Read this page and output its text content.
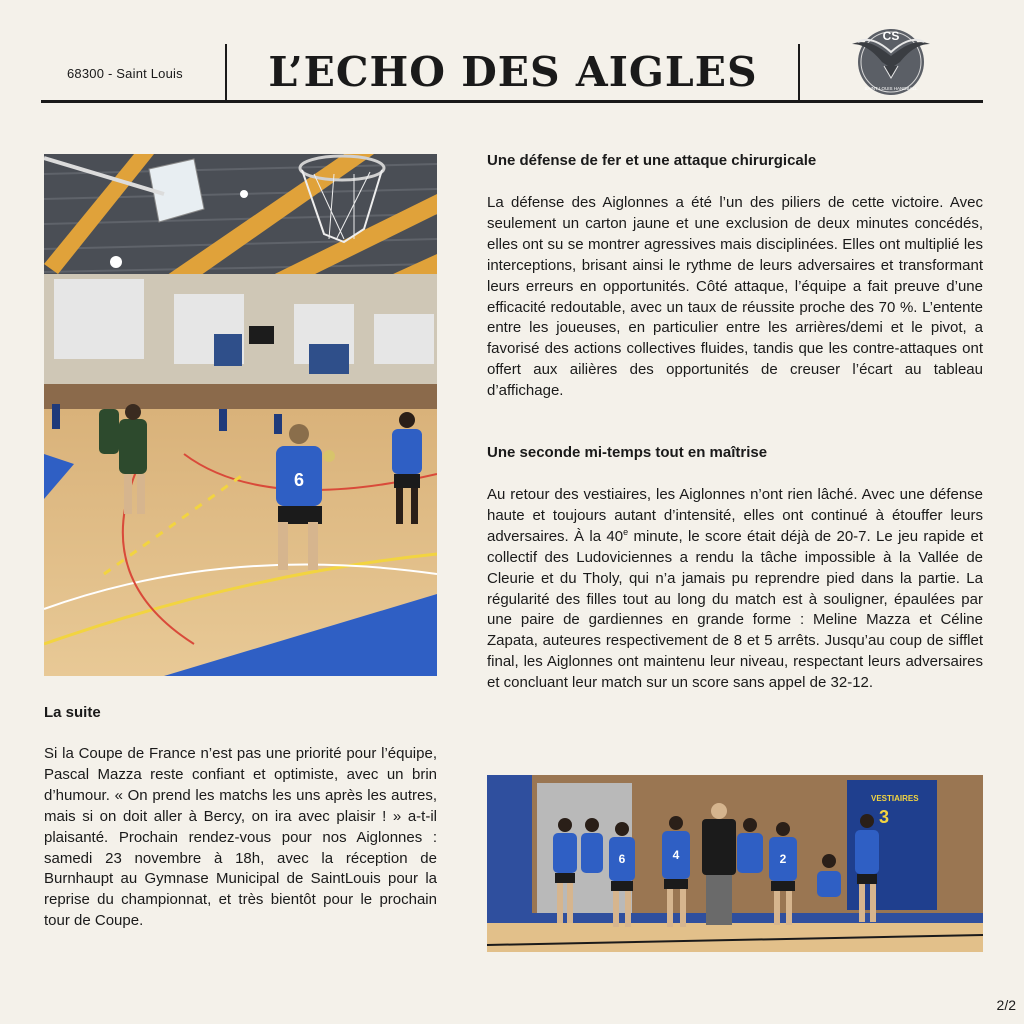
68300 - Saint Louis	L’ECHO DES AIGLES
CS
SAINT-LOUIS HANDBALL
6
La suite

Si la Coupe de France n’est pas une priorité pour l’équipe, Pascal Mazza reste confiant et optimiste, avec un brin d’humour. « On prend les matchs les uns après les autres, mais si on doit aller à Bercy, on ira avec plaisir ! » a-t-il plaisanté. Prochain rendez-vous pour nos Aiglonnes : samedi 23 novembre à 18h, avec la réception de Burnhaupt au Gymnase Municipal de SaintLouis pour la reprise du championnat, et très bientôt pour le prochain tour de Coupe.

Une défense de fer et une attaque chirurgicale

La défense des Aiglonnes a été l’un des piliers de cette victoire. Avec seulement un carton jaune et une exclusion de deux minutes concédés, elles ont su se montrer agressives mais disciplinées. Elles ont multiplié les interceptions, brisant ainsi le rythme de leurs adversaires et transformant leurs erreurs en opportunités. Côté attaque, l’équipe a fait preuve d’une efficacité redoutable, avec un taux de réussite proche des 70 %. L’entente entre les joueuses, en particulier entre les arrières/demi et le pivot, a favorisé des actions collectives fluides, tandis que les contre-attaques ont offert aux ailières des opportunités de creuser l’écart au tableau d’affichage.

Une seconde mi-temps tout en maîtrise

Au retour des vestiaires, les Aiglonnes n’ont rien lâché. Avec une défense haute et toujours autant d’intensité, elles ont continué à étouffer leurs adversaires. À la 40e minute, le score était déjà de 20-7. Le jeu rapide et collectif des Ludoviciennes a rendu la tâche impossible à la Vallée de Cleurie et du Tholy, qui n’a jamais pu reprendre pied dans la partie. La régularité des filles tout au long du match est à souligner, épaulées par une paire de gardiennes en grande forme : Meline Mazza et Céline Zapata, auteures respectivement de 8 et 5 arrêts. Jusqu’au coup de sifflet final, les Aiglonnes ont maintenu leur niveau, respectant leurs adversaires et concluant leur match sur un score sans appel de 32-12.

VESTIAIRES
3
6	4	2
2/2
